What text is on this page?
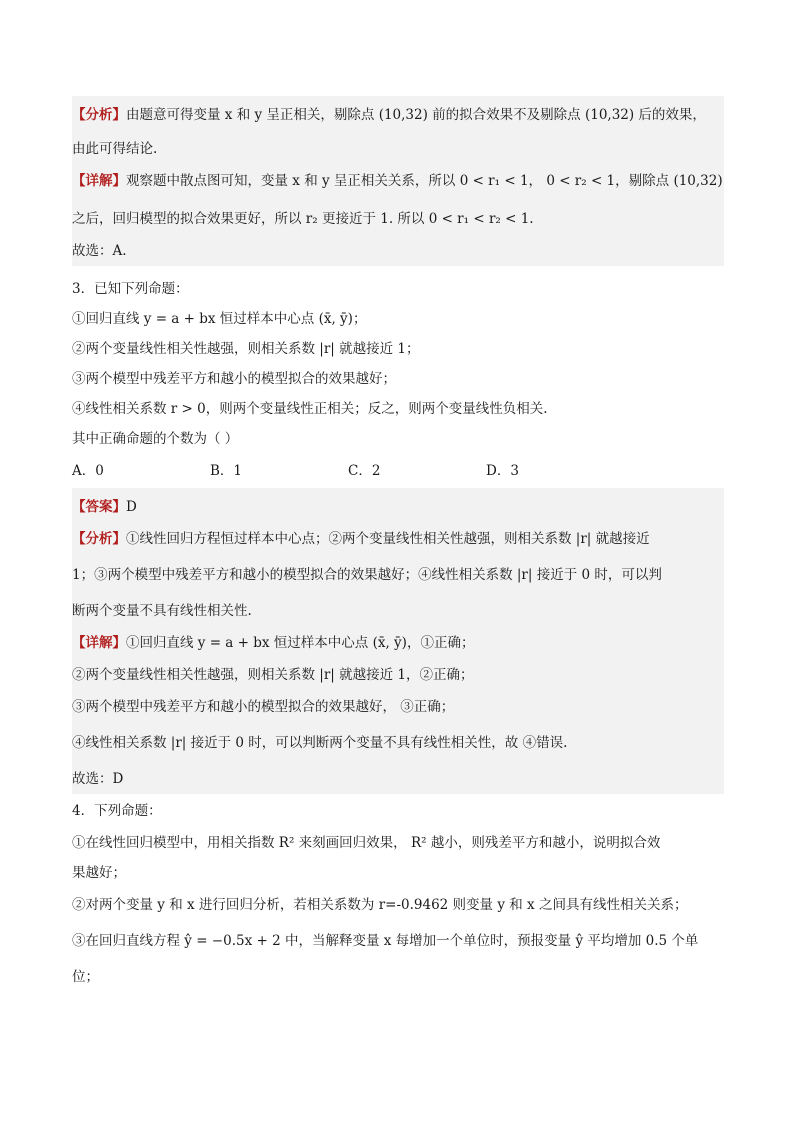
【分析】由题意可得变量 x 和 y 呈正相关，剔除点 (10,32) 前的拟合效果不及剔除点 (10,32) 后的效果，

由此可得结论.

【详解】观察题中散点图可知，变量 x 和 y 呈正相关关系，所以 0 < r₁ < 1， 0 < r₂ < 1，剔除点 (10,32)

之后，回归模型的拟合效果更好，所以 r₂ 更接近于 1. 所以 0 < r₁ < r₂ < 1.

故选：A.

3．已知下列命题：

①回归直线 y = a + bx 恒过样本中心点 (x̄, ȳ)；

②两个变量线性相关性越强，则相关系数 |r| 就越接近 1；

③两个模型中残差平方和越小的模型拟合的效果越好；

④线性相关系数 r > 0，则两个变量线性正相关；反之，则两个变量线性负相关.

其中正确命题的个数为（ ）

A．0	B．1	C．2	D．3

【答案】D

【分析】①线性回归方程恒过样本中心点；②两个变量线性相关性越强，则相关系数 |r| 就越接近

1；③两个模型中残差平方和越小的模型拟合的效果越好；④线性相关系数 |r| 接近于 0 时，可以判

断两个变量不具有线性相关性.

【详解】①回归直线 y = a + bx 恒过样本中心点 (x̄, ȳ)，①正确；

②两个变量线性相关性越强，则相关系数 |r| 就越接近 1，②正确；

③两个模型中残差平方和越小的模型拟合的效果越好， ③正确；

④线性相关系数 |r| 接近于 0 时，可以判断两个变量不具有线性相关性，故 ④错误.

故选：D

4．下列命题：

①在线性回归模型中，用相关指数 R² 来刻画回归效果， R² 越小，则残差平方和越小，说明拟合效

果越好；

②对两个变量 y 和 x 进行回归分析，若相关系数为 r=-0.9462 则变量 y 和 x 之间具有线性相关关系；

③在回归直线方程 ŷ = −0.5x + 2 中，当解释变量 x 每增加一个单位时，预报变量 ŷ 平均增加 0.5 个单

位；
